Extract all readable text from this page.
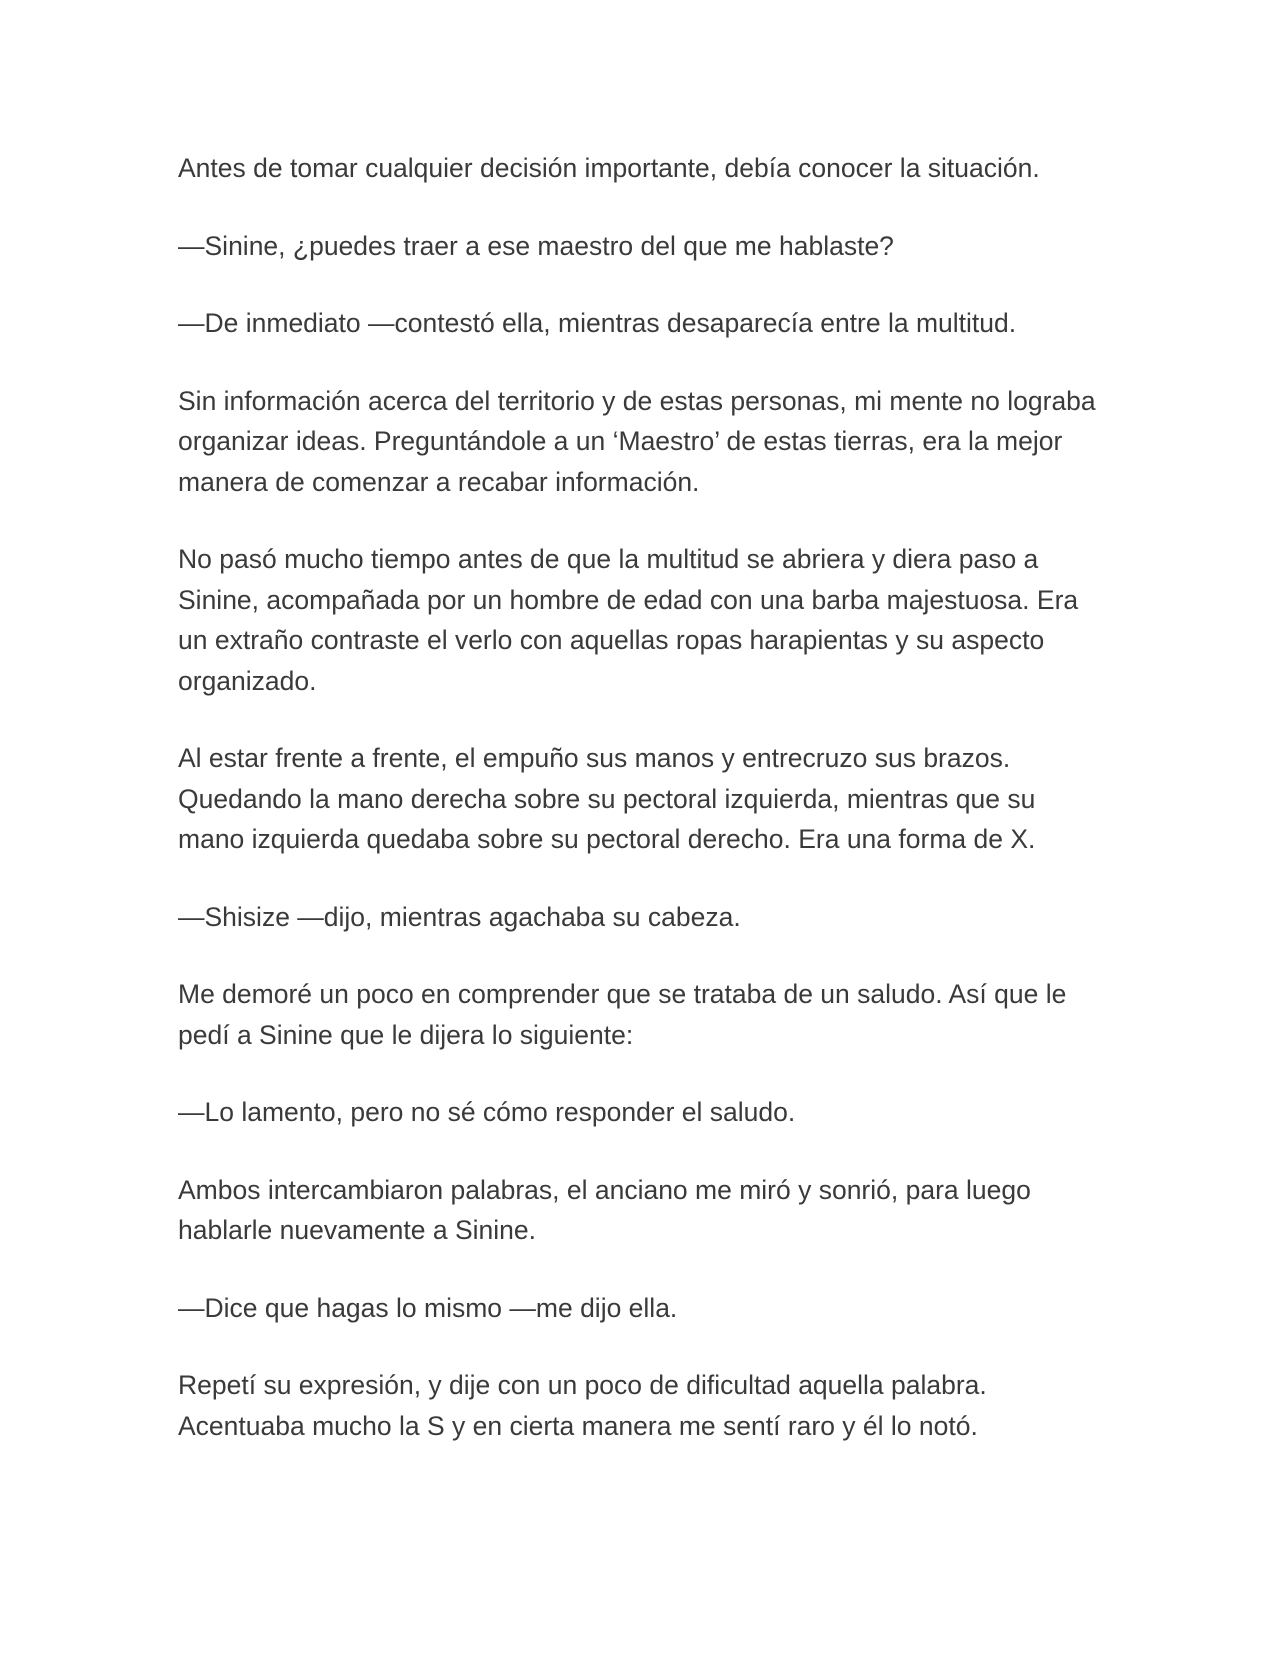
Antes de tomar cualquier decisión importante, debía conocer la situación.

—Sinine, ¿puedes traer a ese maestro del que me hablaste?

—De inmediato —contestó ella, mientras desaparecía entre la multitud.

Sin información acerca del territorio y de estas personas, mi mente no lograba organizar ideas. Preguntándole a un ‘Maestro’ de estas tierras, era la mejor manera de comenzar a recabar información.

No pasó mucho tiempo antes de que la multitud se abriera y diera paso a Sinine, acompañada por un hombre de edad con una barba majestuosa. Era un extraño contraste el verlo con aquellas ropas harapientas y su aspecto organizado.

Al estar frente a frente, el empuño sus manos y entrecruzo sus brazos. Quedando la mano derecha sobre su pectoral izquierda, mientras que su mano izquierda quedaba sobre su pectoral derecho. Era una forma de X.

—Shisize —dijo, mientras agachaba su cabeza.

Me demoré un poco en comprender que se trataba de un saludo. Así que le pedí a Sinine que le dijera lo siguiente:

—Lo lamento, pero no sé cómo responder el saludo.

Ambos intercambiaron palabras, el anciano me miró y sonrió, para luego hablarle nuevamente a Sinine.

—Dice que hagas lo mismo —me dijo ella.

Repetí su expresión, y dije con un poco de dificultad aquella palabra. Acentuaba mucho la S y en cierta manera me sentí raro y él lo notó.
